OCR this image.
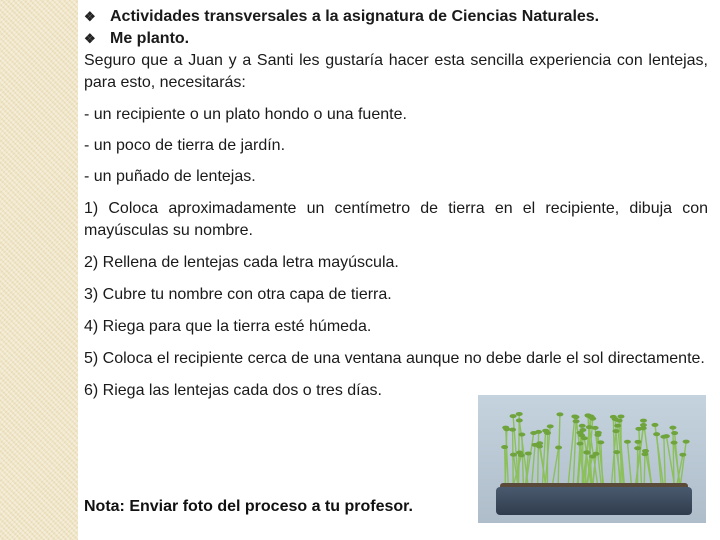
❖ Actividades transversales a la asignatura de Ciencias Naturales.
❖ Me planto.

Seguro que a Juan y a Santi les gustaría hacer esta sencilla experiencia con lentejas, para esto, necesitarás:

- un recipiente o un plato hondo o una fuente.

- un poco de tierra de jardín.

- un puñado de lentejas.

1) Coloca aproximadamente un centímetro de tierra en el recipiente, dibuja con mayúsculas su nombre.

2) Rellena de lentejas cada letra mayúscula.

3) Cubre tu nombre con otra capa de tierra.

4) Riega para que la tierra esté húmeda.

5) Coloca el recipiente cerca de una ventana aunque no debe darle el sol directamente.

6) Riega las lentejas cada dos o tres días.

Nota: Enviar foto del proceso a tu profesor.
